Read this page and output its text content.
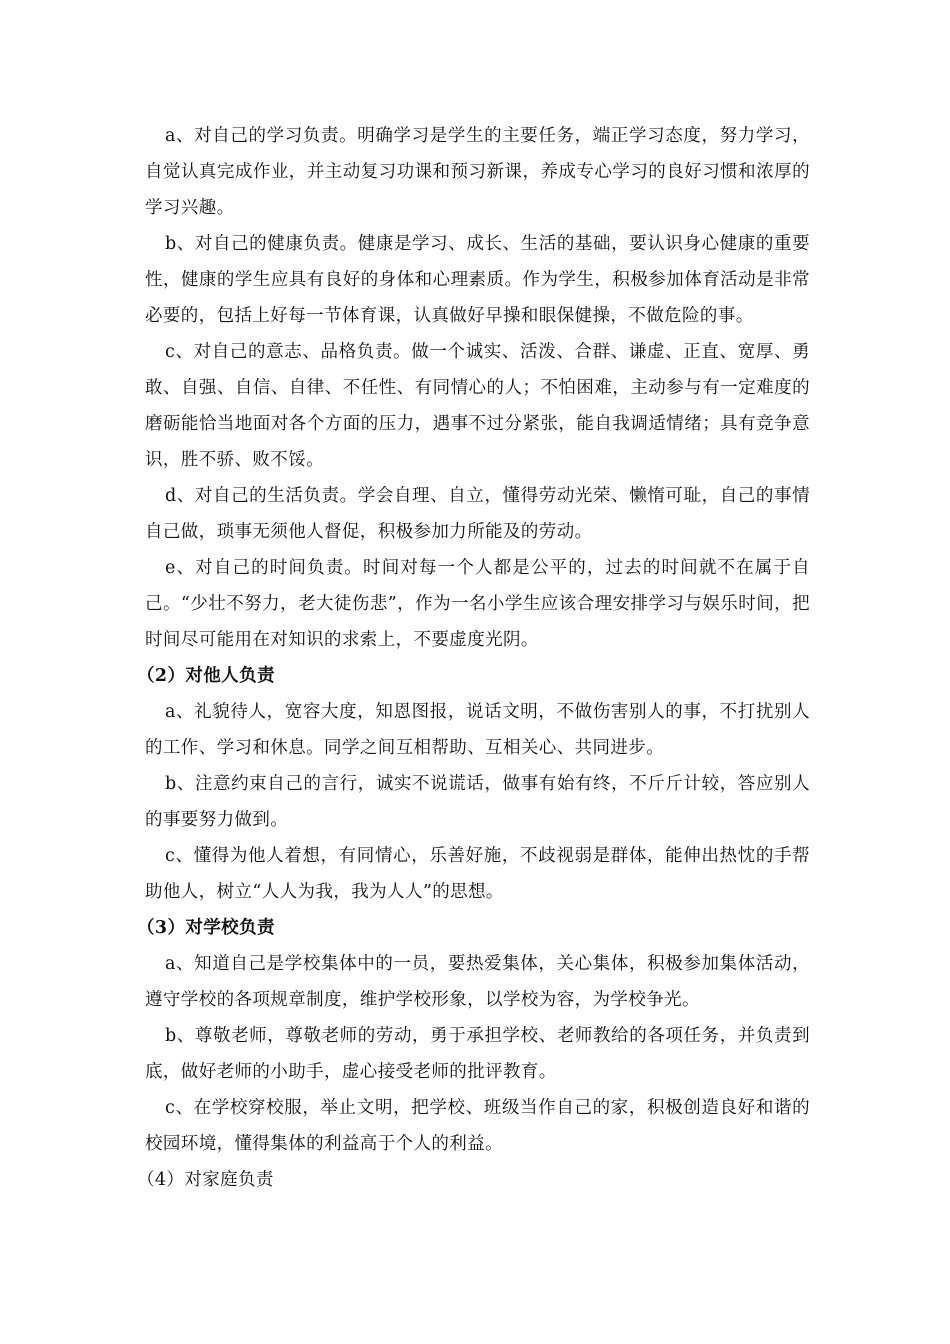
a、对自己的学习负责。明确学习是学生的主要任务，端正学习态度，努力学习，自觉认真完成作业，并主动复习功课和预习新课，养成专心学习的良好习惯和浓厚的学习兴趣。

b、对自己的健康负责。健康是学习、成长、生活的基础，要认识身心健康的重要性，健康的学生应具有良好的身体和心理素质。作为学生，积极参加体育活动是非常必要的，包括上好每一节体育课，认真做好早操和眼保健操，不做危险的事。

c、对自己的意志、品格负责。做一个诚实、活泼、合群、谦虚、正直、宽厚、勇敢、自强、自信、自律、不任性、有同情心的人；不怕困难，主动参与有一定难度的磨砺能恰当地面对各个方面的压力，遇事不过分紧张，能自我调适情绪；具有竞争意识，胜不骄、败不馁。

d、对自己的生活负责。学会自理、自立，懂得劳动光荣、懒惰可耻，自己的事情自己做，琐事无须他人督促，积极参加力所能及的劳动。

e、对自己的时间负责。时间对每一个人都是公平的，过去的时间就不在属于自己。“少壮不努力，老大徒伤悲”，作为一名小学生应该合理安排学习与娱乐时间，把时间尽可能用在对知识的求索上，不要虚度光阴。

（2）对他人负责

a、礼貌待人，宽容大度，知恩图报，说话文明，不做伤害别人的事，不打扰别人的工作、学习和休息。同学之间互相帮助、互相关心、共同进步。

b、注意约束自己的言行，诚实不说谎话，做事有始有终，不斤斤计较，答应别人的事要努力做到。

c、懂得为他人着想，有同情心，乐善好施，不歧视弱是群体，能伸出热忱的手帮助他人，树立“人人为我，我为人人”的思想。

（3）对学校负责

a、知道自己是学校集体中的一员，要热爱集体，关心集体，积极参加集体活动，遵守学校的各项规章制度，维护学校形象，以学校为容，为学校争光。

b、尊敬老师，尊敬老师的劳动，勇于承担学校、老师教给的各项任务，并负责到底，做好老师的小助手，虚心接受老师的批评教育。

c、在学校穿校服，举止文明，把学校、班级当作自己的家，积极创造良好和谐的校园环境，懂得集体的利益高于个人的利益。

（4）对家庭负责
